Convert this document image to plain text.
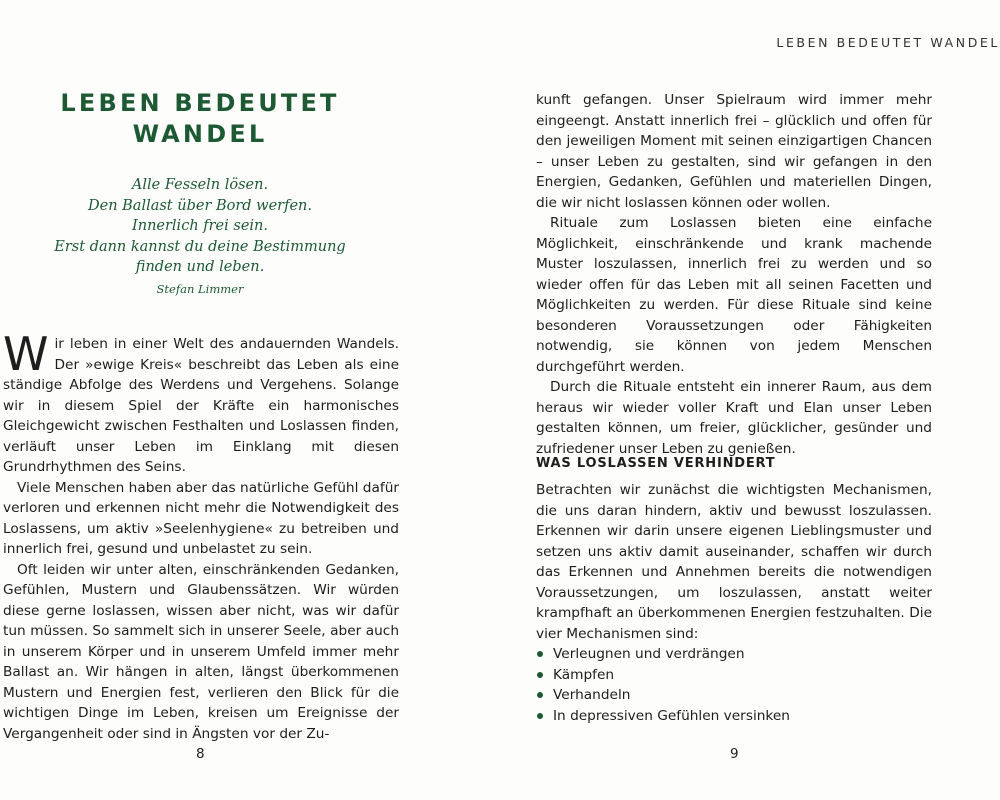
LEBEN BEDEUTET WANDEL
Alle Fesseln lösen.
Den Ballast über Bord werfen.
Innerlich frei sein.
Erst dann kannst du deine Bestimmung
finden und leben.
Stefan Limmer

Wir leben in einer Welt des andauernden Wandels. Der »ewige Kreis« beschreibt das Leben als eine ständige Abfolge des Werdens und Vergehens. Solange wir in diesem Spiel der Kräfte ein harmonisches Gleichgewicht zwischen Festhalten und Loslassen finden, verläuft unser Leben im Einklang mit diesen Grundrhythmen des Seins.

Viele Menschen haben aber das natürliche Gefühl dafür verloren und erkennen nicht mehr die Notwendigkeit des Loslassens, um aktiv »Seelenhygiene« zu betreiben und innerlich frei, gesund und unbelastet zu sein.

Oft leiden wir unter alten, einschränkenden Gedanken, Gefühlen, Mustern und Glaubenssätzen. Wir würden diese gerne loslassen, wissen aber nicht, was wir dafür tun müssen. So sammelt sich in unserer Seele, aber auch in unserem Körper und in unserem Umfeld immer mehr Ballast an. Wir hängen in alten, längst überkommenen Mustern und Energien fest, verlieren den Blick für die wichtigen Dinge im Leben, kreisen um Ereignisse der Vergangenheit oder sind in Ängsten vor der Zu-

8
LEBEN BEDEUTET WANDEL

kunft gefangen. Unser Spielraum wird immer mehr eingeengt. Anstatt innerlich frei – glücklich und offen für den jeweiligen Moment mit seinen einzigartigen Chancen – unser Leben zu gestalten, sind wir gefangen in den Energien, Gedanken, Gefühlen und materiellen Dingen, die wir nicht loslassen können oder wollen.

Rituale zum Loslassen bieten eine einfache Möglichkeit, einschränkende und krank machende Muster loszulassen, innerlich frei zu werden und so wieder offen für das Leben mit all seinen Facetten und Möglichkeiten zu werden. Für diese Rituale sind keine besonderen Voraussetzungen oder Fähigkeiten notwendig, sie können von jedem Menschen durchgeführt werden.

Durch die Rituale entsteht ein innerer Raum, aus dem heraus wir wieder voller Kraft und Elan unser Leben gestalten können, um freier, glücklicher, gesünder und zufriedener unser Leben zu genießen.

WAS LOSLASSEN VERHINDERT

Betrachten wir zunächst die wichtigsten Mechanismen, die uns daran hindern, aktiv und bewusst loszulassen. Erkennen wir darin unsere eigenen Lieblingsmuster und setzen uns aktiv damit auseinander, schaffen wir durch das Erkennen und Annehmen bereits die notwendigen Voraussetzungen, um loszulassen, anstatt weiter krampfhaft an überkommenen Energien festzuhalten. Die vier Mechanismen sind:

Verleugnen und verdrängen
Kämpfen
Verhandeln
In depressiven Gefühlen versinken
9
